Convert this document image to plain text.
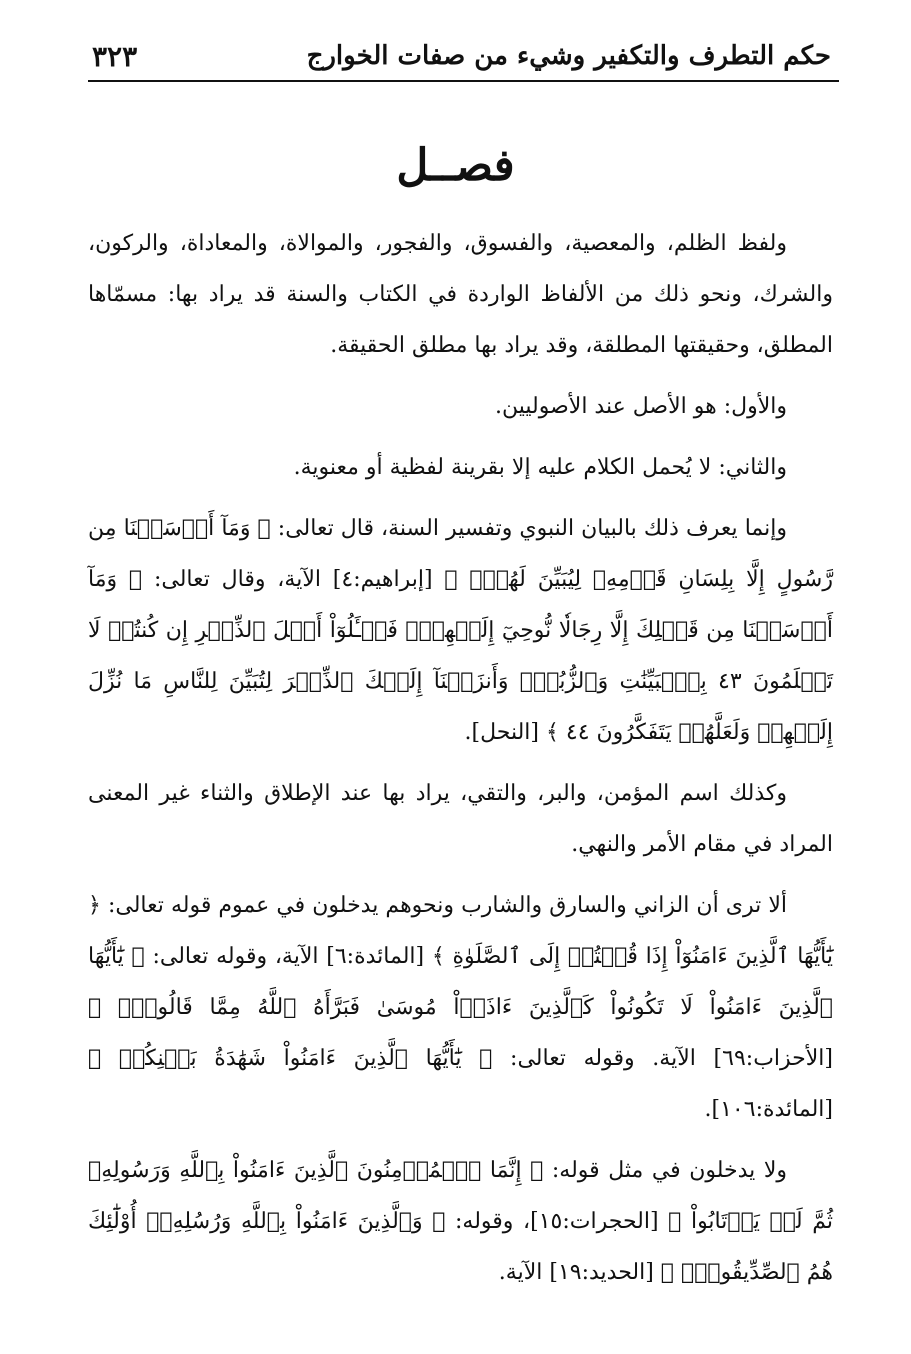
حكم التطرف والتكفير وشيء من صفات الخوارج
٣٢٣
فصــل

ولفظ الظلم، والمعصية، والفسوق، والفجور، والموالاة، والمعاداة، والركون، والشرك، ونحو ذلك من الألفاظ الواردة في الكتاب والسنة قد يراد بها: مسمّاها المطلق، وحقيقتها المطلقة، وقد يراد بها مطلق الحقيقة.

والأول: هو الأصل عند الأصوليين.

والثاني: لا يُحمل الكلام عليه إلا بقرينة لفظية أو معنوية.

وإنما يعرف ذلك بالبيان النبوي وتفسير السنة، قال تعالى: ﴿ وَمَآ أَرۡسَلۡنَا مِن رَّسُولٍ إِلَّا بِلِسَانِ قَوۡمِهِۦ لِيُبَيِّنَ لَهُمۡۖ ﴾ [إبراهيم:٤] الآية، وقال تعالى: ﴿ وَمَآ أَرۡسَلۡنَا مِن قَبۡلِكَ إِلَّا رِجَالٗا نُّوحِيٓ إِلَيۡهِمۡۚ فَسۡـَٔلُوٓاْ أَهۡلَ ٱلذِّكۡرِ إِن كُنتُمۡ لَا تَعۡلَمُونَ ٤٣ بِٱلۡبَيِّنَٰتِ وَٱلزُّبُرِۗ وَأَنزَلۡنَآ إِلَيۡكَ ٱلذِّكۡرَ لِتُبَيِّنَ لِلنَّاسِ مَا نُزِّلَ إِلَيۡهِمۡ وَلَعَلَّهُمۡ يَتَفَكَّرُونَ ٤٤ ﴾ [النحل].

وكذلك اسم المؤمن، والبر، والتقي، يراد بها عند الإطلاق والثناء غير المعنى المراد في مقام الأمر والنهي.

ألا ترى أن الزاني والسارق والشارب ونحوهم يدخلون في عموم قوله تعالى: ﴿ يَٰٓأَيُّهَا ٱلَّذِينَ ءَامَنُوٓاْ إِذَا قُمۡتُمۡ إِلَى ٱلصَّلَوٰةِ ﴾ [المائدة:٦] الآية، وقوله تعالى: ﴿ يَٰٓأَيُّهَا ٱلَّذِينَ ءَامَنُواْ لَا تَكُونُواْ كَٱلَّذِينَ ءَاذَوۡاْ مُوسَىٰ فَبَرَّأَهُ ٱللَّهُ مِمَّا قَالُواْۚ ﴾ [الأحزاب:٦٩] الآية. وقوله تعالى: ﴿ يَٰٓأَيُّهَا ٱلَّذِينَ ءَامَنُواْ شَهَٰدَةُ بَيۡنِكُمۡ ﴾ [المائدة:١٠٦].

ولا يدخلون في مثل قوله: ﴿ إِنَّمَا ٱلۡمُؤۡمِنُونَ ٱلَّذِينَ ءَامَنُواْ بِٱللَّهِ وَرَسُولِهِۦ ثُمَّ لَمۡ يَرۡتَابُواْ ﴾ [الحجرات:١٥]، وقوله: ﴿ وَٱلَّذِينَ ءَامَنُواْ بِٱللَّهِ وَرُسُلِهِۦٓ أُوْلَٰٓئِكَ هُمُ ٱلصِّدِّيقُونَۖ ﴾ [الحديد:١٩] الآية.
